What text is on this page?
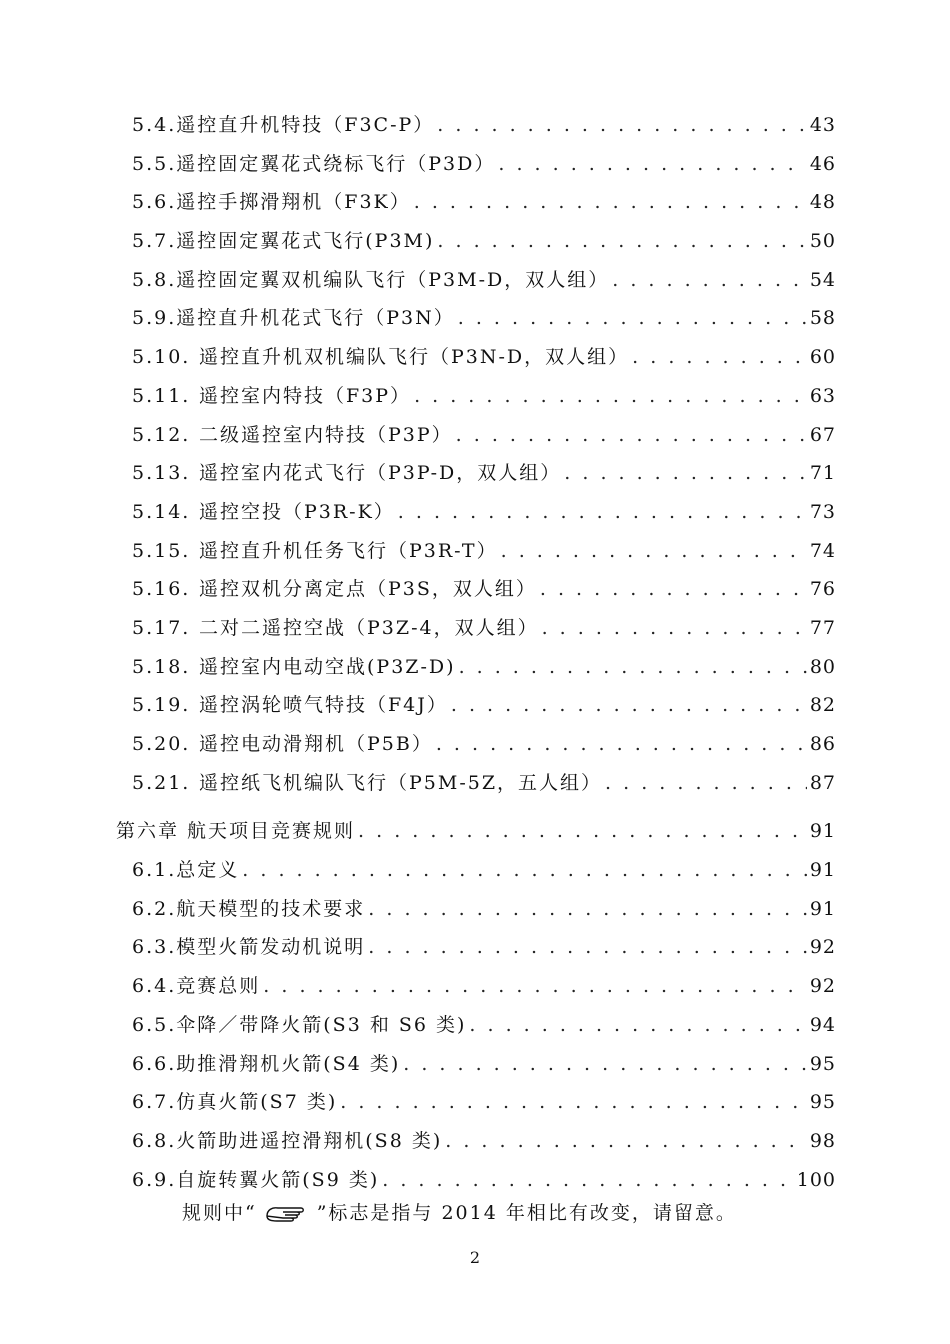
5.4. 遥控直升机特技（F3C-P） . . .	43
5.5. 遥控固定翼花式绕标飞行（P3D） . . .	46
5.6. 遥控手掷滑翔机（F3K） . . .	48
5.7. 遥控固定翼花式飞行(P3M) . . .	50
5.8. 遥控固定翼双机编队飞行（P3M-D，双人组） . . .	54
5.9. 遥控直升机花式飞行（P3N） . . .	58
5.10. 遥控直升机双机编队飞行（P3N-D，双人组） . . .	60
5.11. 遥控室内特技（F3P） . . .	63
5.12. 二级遥控室内特技（P3P） . . .	67
5.13. 遥控室内花式飞行（P3P-D，双人组） . . .	71
5.14. 遥控空投（P3R-K） . . .	73
5.15. 遥控直升机任务飞行（P3R-T） . . .	74
5.16. 遥控双机分离定点（P3S，双人组） . . .	76
5.17. 二对二遥控空战（P3Z-4，双人组） . . .	77
5.18. 遥控室内电动空战(P3Z-D) . . .	80
5.19. 遥控涡轮喷气特技（F4J） . . .	82
5.20. 遥控电动滑翔机（P5B） . . .	86
5.21. 遥控纸飞机编队飞行（P5M-5Z，五人组） . . .	87
第六章 航天项目竞赛规则 . . .	91
6.1. 总定义 . . .	91
6.2. 航天模型的技术要求 . . .	91
6.3. 模型火箭发动机说明 . . .	92
6.4. 竞赛总则 . . .	92
6.5. 伞降／带降火箭(S3 和 S6 类) . . .	94
6.6. 助推滑翔机火箭(S4 类) . . .	95
6.7. 仿真火箭(S7 类) . . .	95
6.8. 火箭助进遥控滑翔机(S8 类) . . .	98
6.9. 自旋转翼火箭(S9 类) . . .	100
规则中“	”标志是指与 2014 年相比有改变，请留意。
2
